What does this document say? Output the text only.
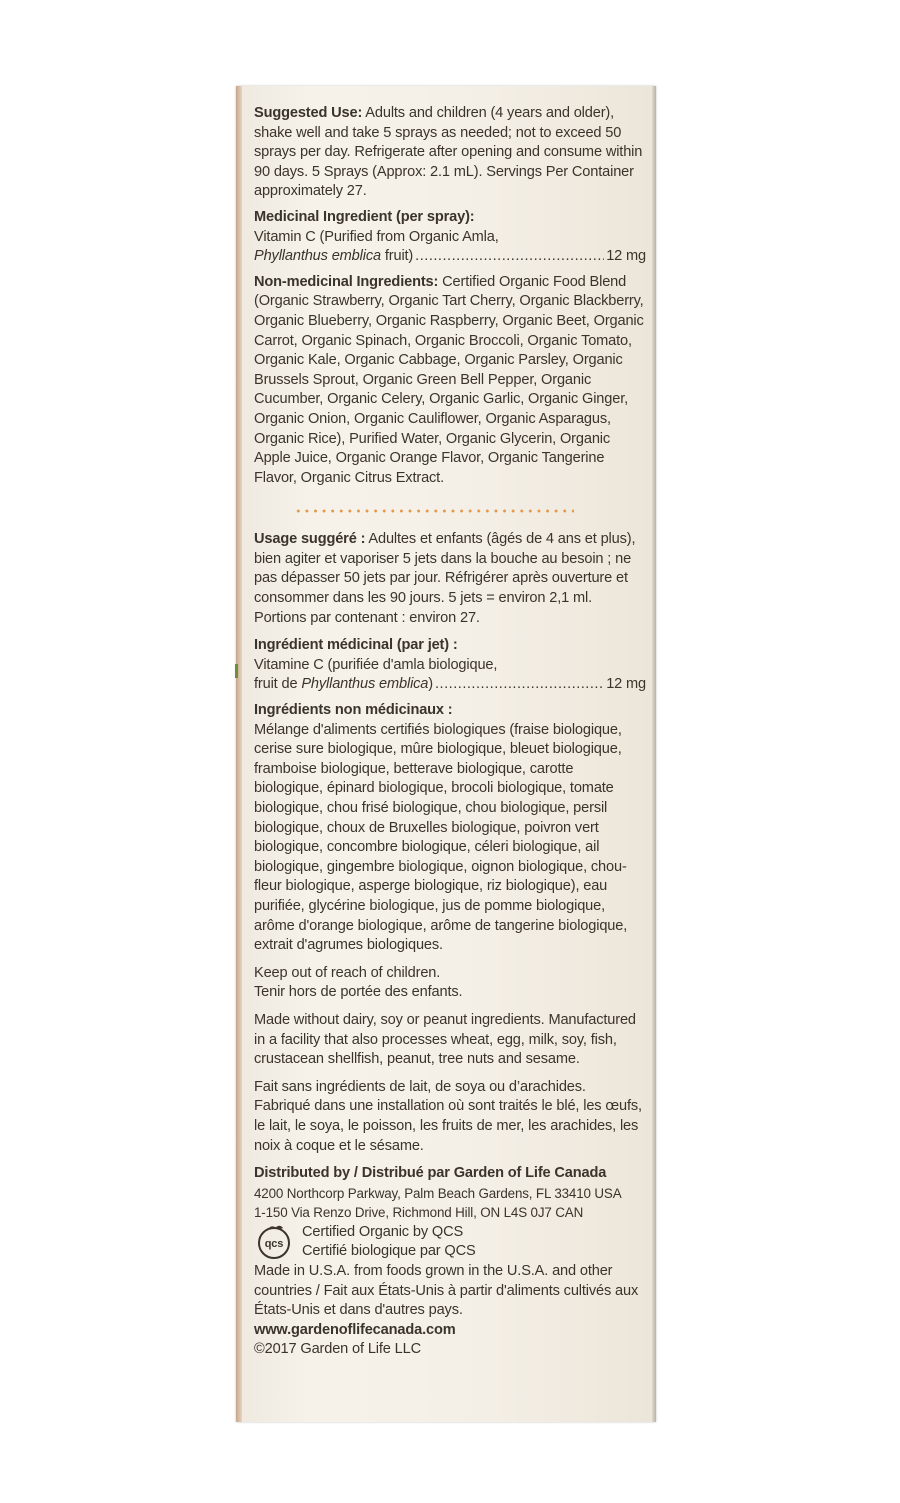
Suggested Use: Adults and children (4 years and older), shake well and take 5 sprays as needed; not to exceed 50 sprays per day. Refrigerate after opening and consume within 90 days. 5 Sprays (Approx: 2.1 mL). Servings Per Container approximately 27.

Medicinal Ingredient (per spray):

Vitamin C (Purified from Organic Amla,

Phyllanthus emblica fruit) .....	12 mg

Non-medicinal Ingredients: Certified Organic Food Blend (Organic Strawberry, Organic Tart Cherry, Organic Blackberry, Organic Blueberry, Organic Raspberry, Organic Beet, Organic Carrot, Organic Spinach, Organic Broccoli, Organic Tomato, Organic Kale, Organic Cabbage, Organic Parsley, Organic Brussels Sprout, Organic Green Bell Pepper, Organic Cucumber, Organic Celery, Organic Garlic, Organic Ginger, Organic Onion, Organic Cauliflower, Organic Asparagus, Organic Rice), Purified Water, Organic Glycerin, Organic Apple Juice, Organic Orange Flavor, Organic Tangerine Flavor, Organic Citrus Extract.

Usage suggéré : Adultes et enfants (âgés de 4 ans et plus), bien agiter et vaporiser 5 jets dans la bouche au besoin ; ne pas dépasser 50 jets par jour. Réfrigérer après ouverture et consommer dans les 90 jours. 5 jets = environ 2,1 ml. Portions par contenant : environ 27.

Ingrédient médicinal (par jet) :

Vitamine C (purifiée d'amla biologique,

fruit de Phyllanthus emblica) .....	12 mg

Ingrédients non médicinaux :

Mélange d'aliments certifiés biologiques (fraise biologique, cerise sure biologique, mûre biologique, bleuet biologique, framboise biologique, betterave biologique, carotte biologique, épinard biologique, brocoli biologique, tomate biologique, chou frisé biologique, chou biologique, persil biologique, choux de Bruxelles biologique, poivron vert biologique, concombre biologique, céleri biologique, ail biologique, gingembre biologique, oignon biologique, chou-fleur biologique, asperge biologique, riz biologique), eau purifiée, glycérine biologique, jus de pomme biologique, arôme d'orange biologique, arôme de tangerine biologique, extrait d'agrumes biologiques.

Keep out of reach of children.

Tenir hors de portée des enfants.

Made without dairy, soy or peanut ingredients. Manufactured in a facility that also processes wheat, egg, milk, soy, fish, crustacean shellfish, peanut, tree nuts and sesame.

Fait sans ingrédients de lait, de soya ou d’arachides. Fabriqué dans une installation où sont traités le blé, les œufs, le lait, le soya, le poisson, les fruits de mer, les arachides, les noix à coque et le sésame.

Distributed by / Distribué par Garden of Life Canada

4200 Northcorp Parkway, Palm Beach Gardens, FL 33410 USA

1-150 Via Renzo Drive, Richmond Hill, ON L4S 0J7 CAN

qcs

Certified Organic by QCS

Certifié biologique par QCS

Made in U.S.A. from foods grown in the U.S.A. and other countries / Fait aux États-Unis à partir d'aliments cultivés aux États-Unis et dans d'autres pays.

www.gardenoflifecanada.com

©2017 Garden of Life LLC
